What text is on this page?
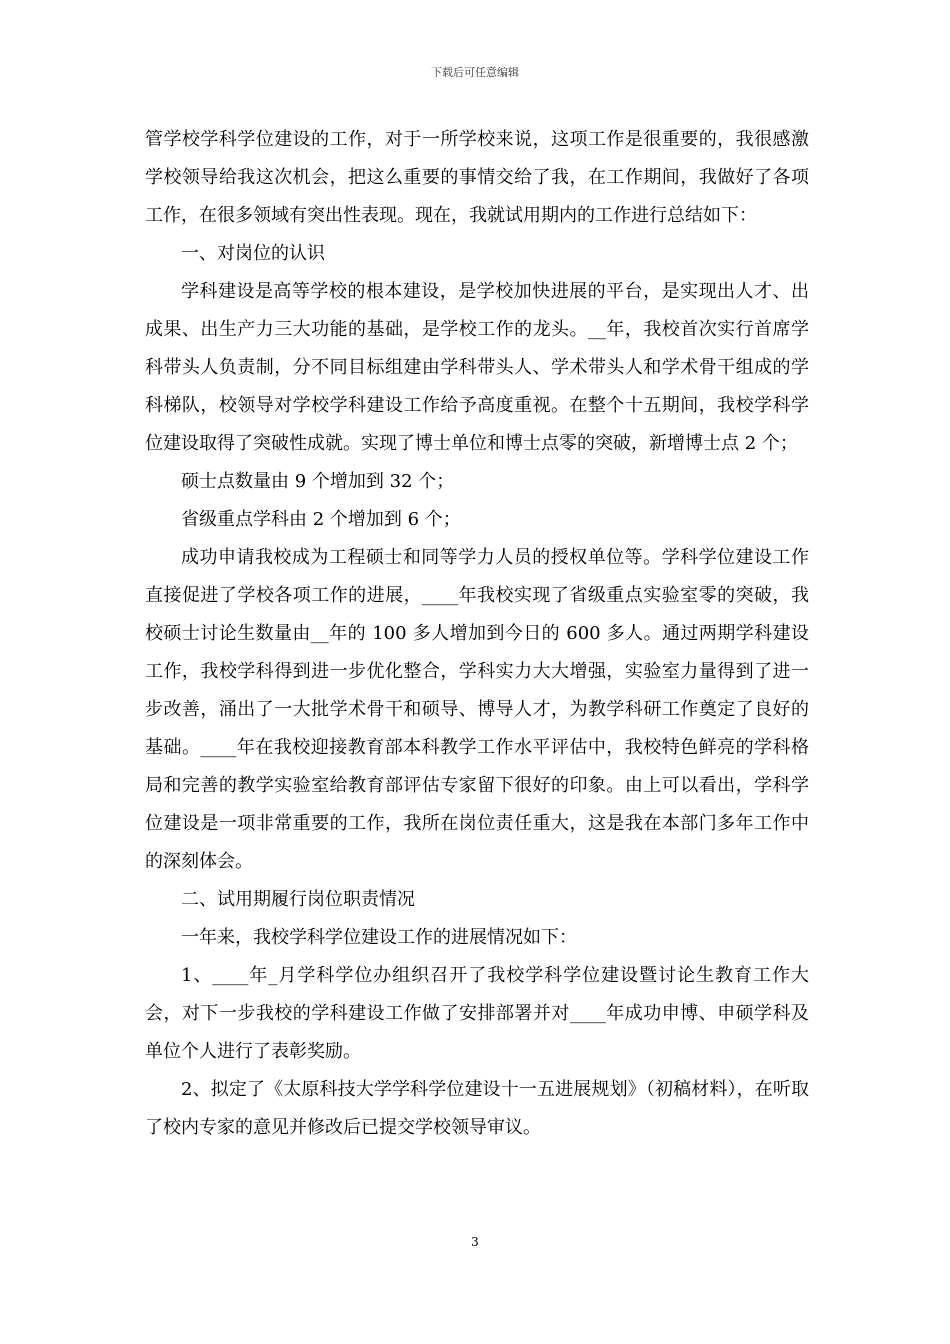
下载后可任意编辑

管学校学科学位建设的工作，对于一所学校来说，这项工作是很重要的，我很感激学校领导给我这次机会，把这么重要的事情交给了我，在工作期间，我做好了各项工作，在很多领域有突出性表现。现在，我就试用期内的工作进行总结如下：

一、对岗位的认识

学科建设是高等学校的根本建设，是学校加快进展的平台，是实现出人才、出成果、出生产力三大功能的基础，是学校工作的龙头。__年，我校首次实行首席学科带头人负责制，分不同目标组建由学科带头人、学术带头人和学术骨干组成的学科梯队，校领导对学校学科建设工作给予高度重视。在整个十五期间，我校学科学位建设取得了突破性成就。实现了博士单位和博士点零的突破，新增博士点 2 个；

硕士点数量由 9 个增加到 32 个；

省级重点学科由 2 个增加到 6 个；

成功申请我校成为工程硕士和同等学力人员的授权单位等。学科学位建设工作直接促进了学校各项工作的进展，____年我校实现了省级重点实验室零的突破，我校硕士讨论生数量由__年的 100 多人增加到今日的 600 多人。通过两期学科建设工作，我校学科得到进一步优化整合，学科实力大大增强，实验室力量得到了进一步改善，涌出了一大批学术骨干和硕导、博导人才，为教学科研工作奠定了良好的基础。____年在我校迎接教育部本科教学工作水平评估中，我校特色鲜亮的学科格局和完善的教学实验室给教育部评估专家留下很好的印象。由上可以看出，学科学位建设是一项非常重要的工作，我所在岗位责任重大，这是我在本部门多年工作中的深刻体会。

二、试用期履行岗位职责情况

一年来，我校学科学位建设工作的进展情况如下：

1、____年_月学科学位办组织召开了我校学科学位建设暨讨论生教育工作大会，对下一步我校的学科建设工作做了安排部署并对____年成功申博、申硕学科及单位个人进行了表彰奖励。

2、拟定了《太原科技大学学科学位建设十一五进展规划》（初稿材料），在听取了校内专家的意见并修改后已提交学校领导审议。

3
